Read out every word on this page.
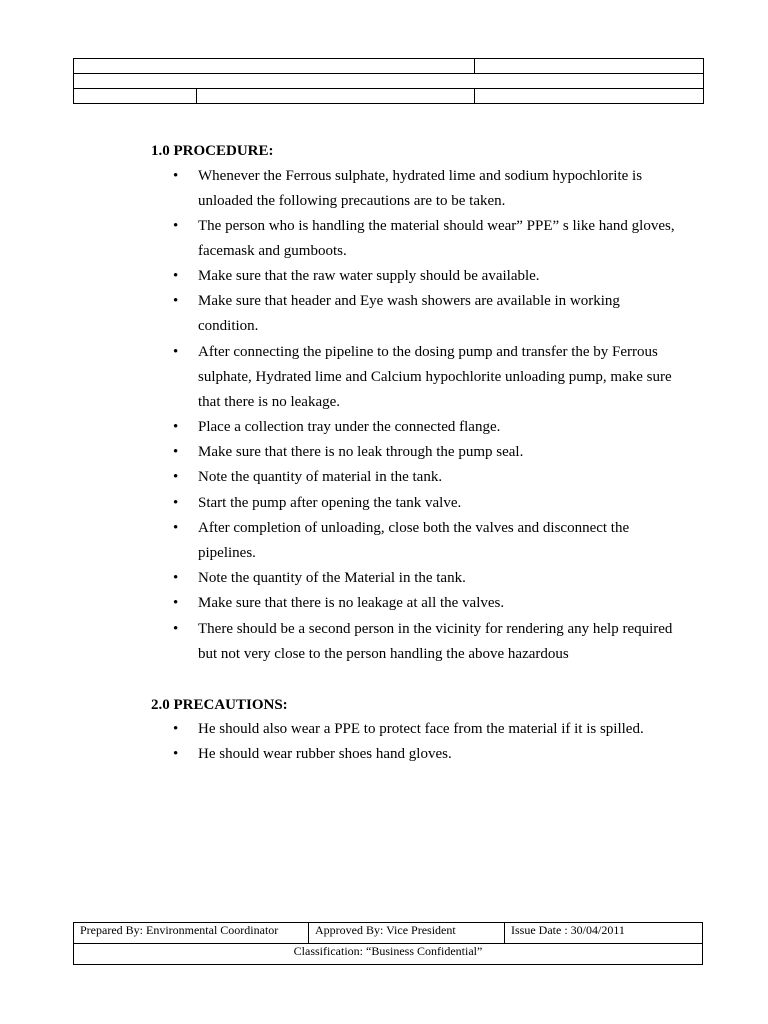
1.0 PROCEDURE:
• Whenever the Ferrous sulphate, hydrated lime and sodium hypochlorite is
unloaded the following precautions are to be taken.
• The person who is handling the material should wear” PPE” s like hand gloves,
facemask and gumboots.
• Make sure that the raw water supply should be available.
• Make sure that header and Eye wash showers are available in working
condition.
• After connecting the pipeline to the dosing pump and transfer the by Ferrous
sulphate, Hydrated lime and Calcium hypochlorite unloading pump, make sure
that there is no leakage.
• Place a collection tray under the connected flange.
• Make sure that there is no leak through the pump seal.
• Note the quantity of material in the tank.
• Start the pump after opening the tank valve.
• After completion of unloading, close both the valves and disconnect the
pipelines.
• Note the quantity of the Material in the tank.
• Make sure that there is no leakage at all the valves.
• There should be a second person in the vicinity for rendering any help required
but not very close to the person handling the above hazardous
2.0 PRECAUTIONS:
• He should also wear a PPE to protect face from the material if it is spilled.
• He should wear rubber shoes hand gloves.
Prepared By: Environmental Coordinator	Approved By: Vice President	Issue Date : 30/04/2011
Classification: “Business Confidential”
